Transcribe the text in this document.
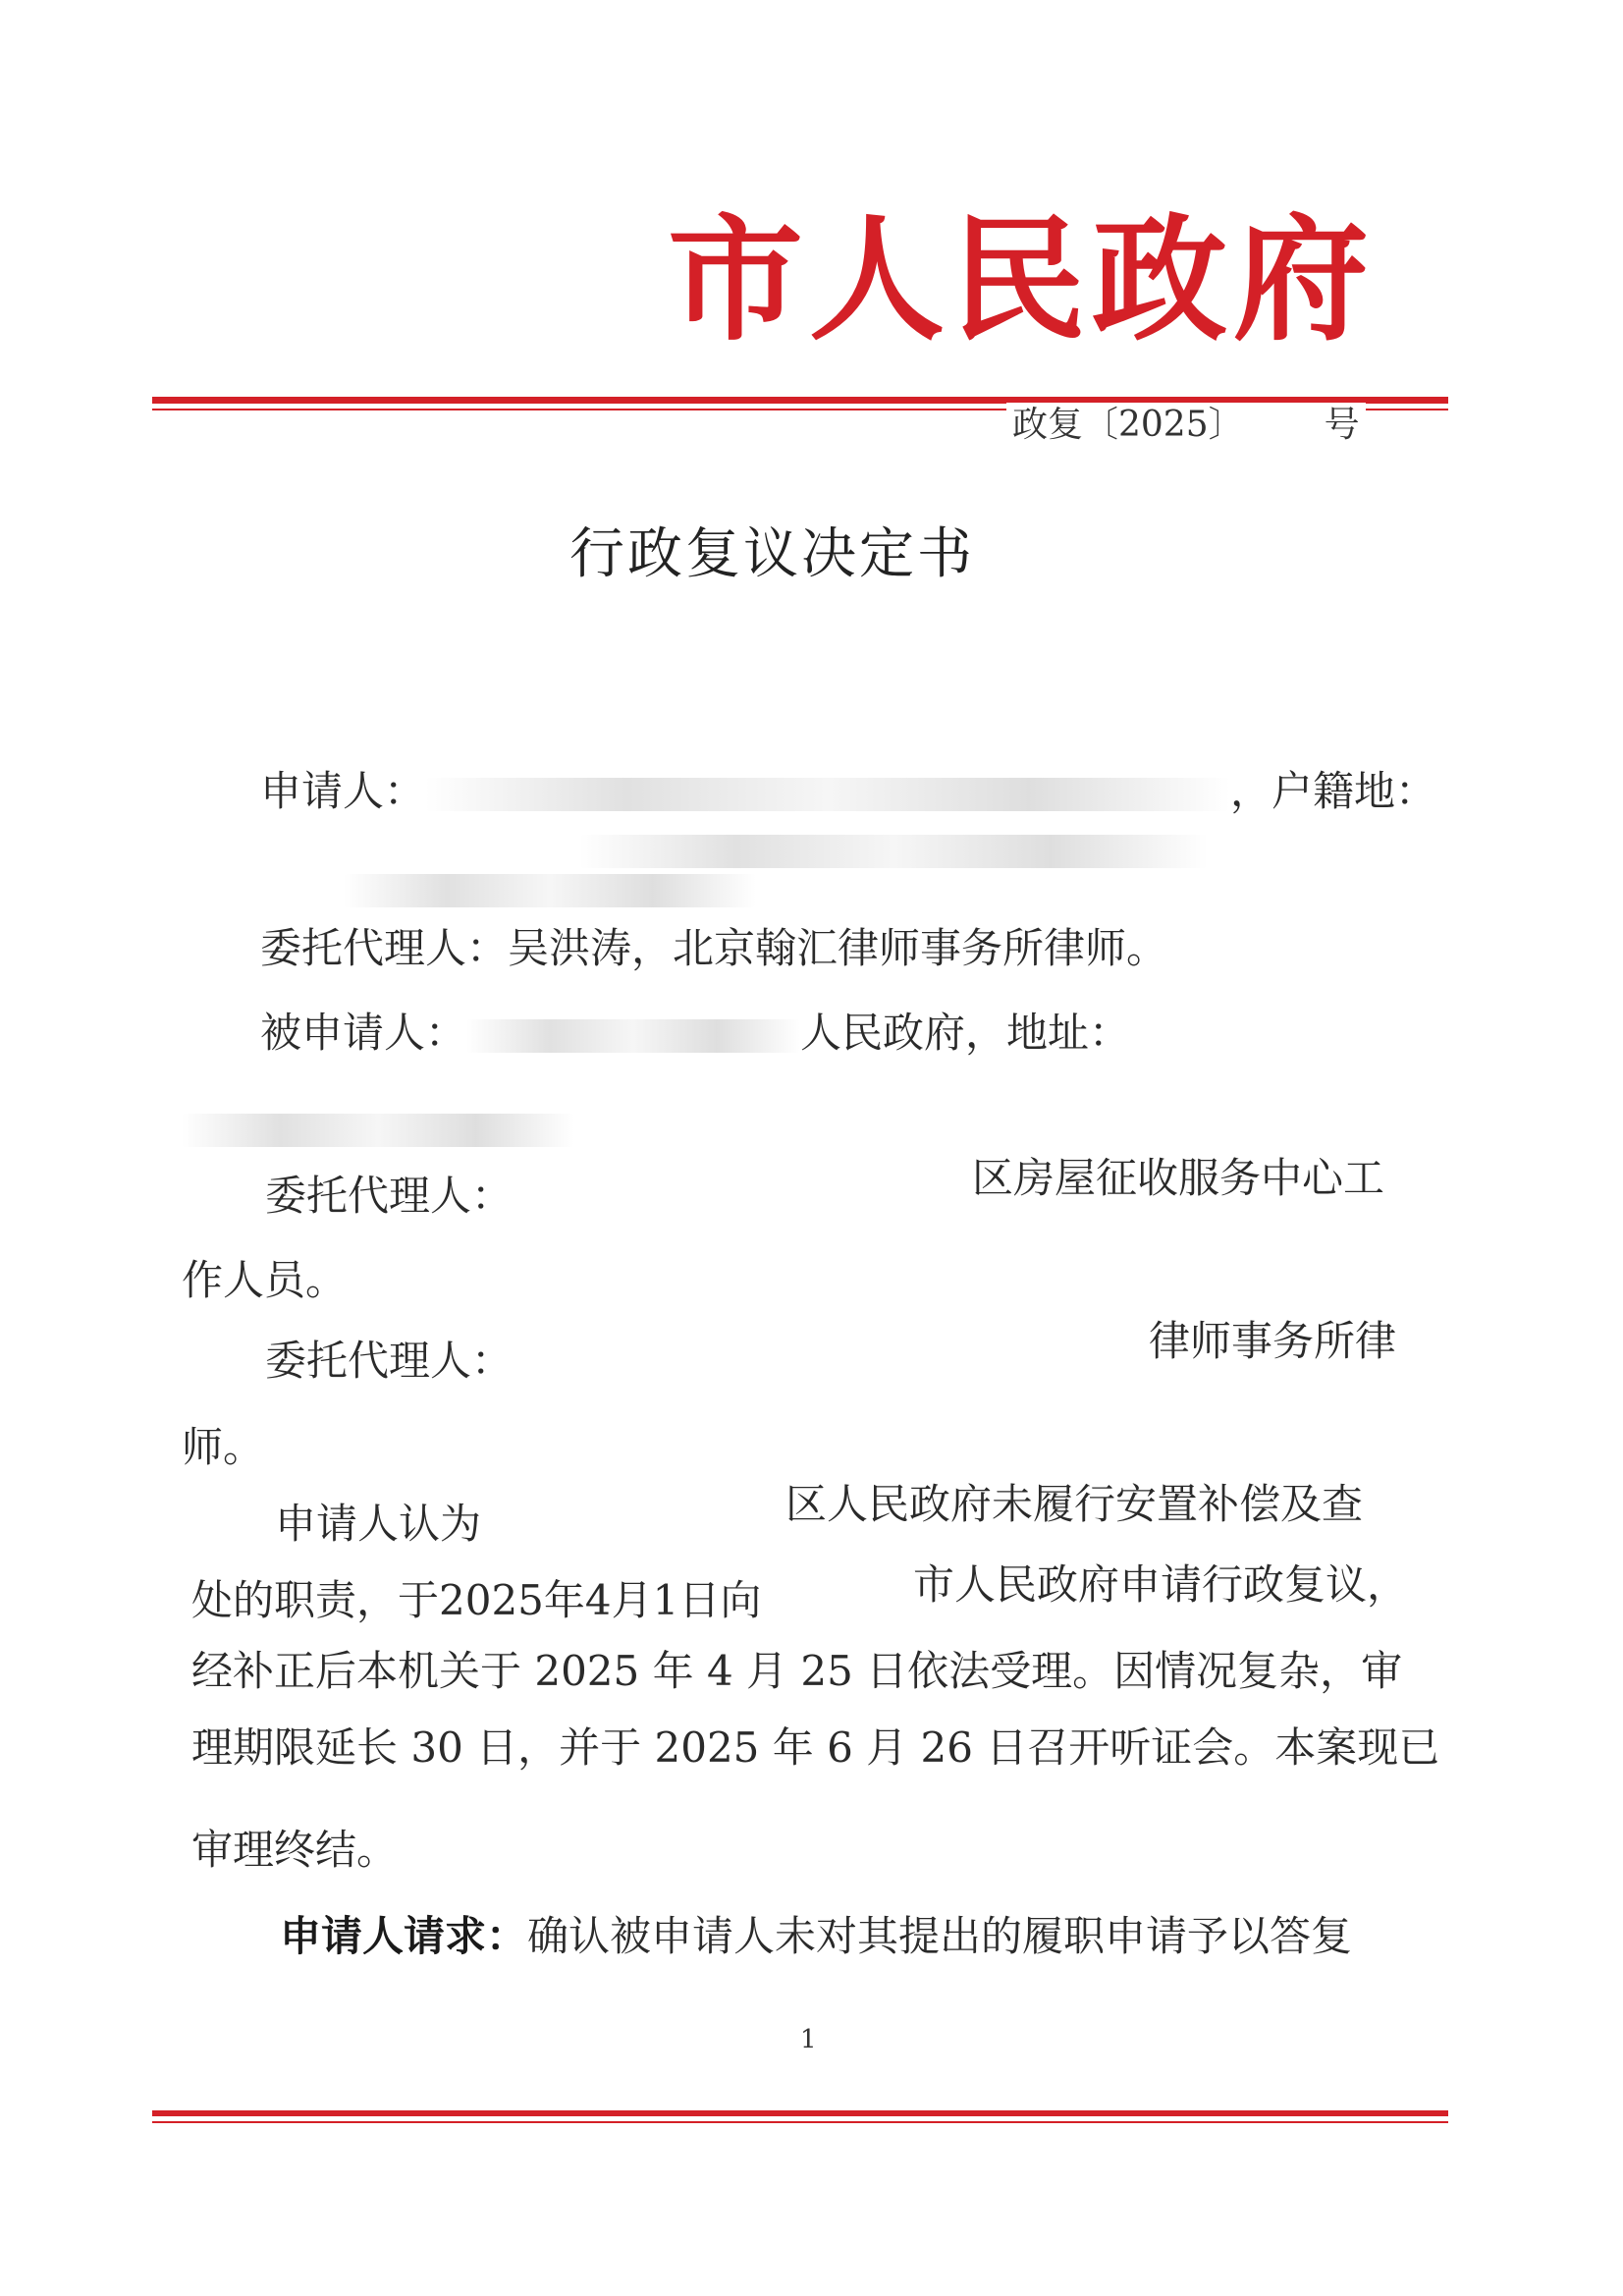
市人民政府
政复〔2025〕 号
行政复议决定书
申请人：	，户籍地：
委托代理人：吴洪涛，北京翰汇律师事务所律师。
被申请人：	人民政府，地址：
委托代理人：	区房屋征收服务中心工
作人员。
委托代理人：	律师事务所律
师。
申请人认为	区人民政府未履行安置补偿及查
处的职责，于2025年4月1日向	市人民政府申请行政复议，
经补正后本机关于 2025 年 4 月 25 日依法受理。因情况复杂，审
理期限延长 30 日，并于 2025 年 6 月 26 日召开听证会。本案现已
审理终结。
申请人请求：确认被申请人未对其提出的履职申请予以答复
1
